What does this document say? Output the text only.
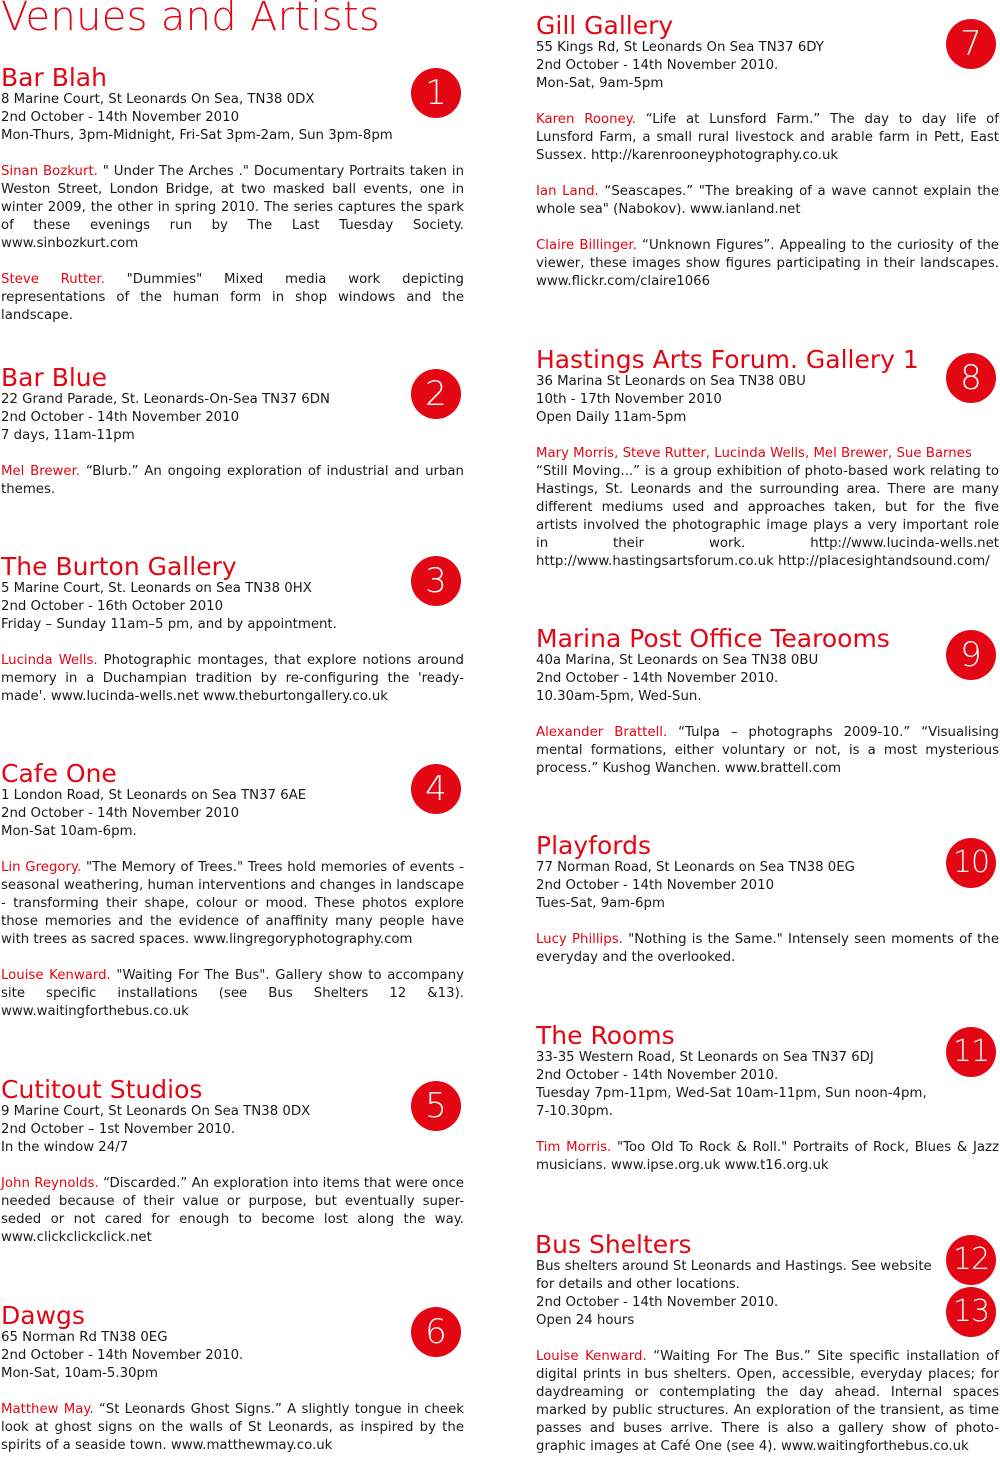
Venues and Artists
Bar Blah
8 Marine Court, St Leonards On Sea, TN38 0DX
2nd October - 14th November 2010
Mon-Thurs, 3pm-Midnight, Fri-Sat 3pm-2am, Sun 3pm-8pm

Sinan Bozkurt. " Under The Arches ." Documentary Portraits taken in Weston Street, London Bridge, at two masked ball events, one in winter 2009, the other in spring 2010. The series captures the spark of these evenings run by The Last Tuesday Society. www.sinbozkurt.com

Steve Rutter. "Dummies" Mixed media work depicting representations of the human form in shop windows and the landscape.

1
Bar Blue
22 Grand Parade, St. Leonards-On-Sea TN37 6DN
2nd October - 14th November 2010
7 days, 11am-11pm

Mel Brewer. “Blurb.” An ongoing exploration of industrial and urban themes.

2
The Burton Gallery
5 Marine Court, St. Leonards on Sea TN38 0HX
2nd October - 16th October 2010
Friday – Sunday 11am–5 pm, and by appointment.

Lucinda Wells. Photographic montages, that explore notions around memory in a Duchampian tradition by re-configuring the 'ready-made'. www.lucinda-wells.net www.theburtongallery.co.uk

3
Cafe One
1 London Road, St Leonards on Sea TN37 6AE
2nd October - 14th November 2010
Mon-Sat 10am-6pm.

Lin Gregory. "The Memory of Trees." Trees hold memories of events - seasonal weathering, human interventions and changes in landscape - transforming their shape, colour or mood. These photos explore those memories and the evidence of anaffinity many people have with trees as sacred spaces. www.lingregoryphotography.com

Louise Kenward. "Waiting For The Bus". Gallery show to accompany site specific installations (see Bus Shelters 12 &13). www.waitingforthebus.co.uk

4
Cutitout Studios
9 Marine Court, St Leonards On Sea TN38 0DX
2nd October – 1st November 2010.
In the window 24/7

John Reynolds. “Discarded.” An exploration into items that were once needed because of their value or purpose, but eventually super-seded or not cared for enough to become lost along the way. www.clickclickclick.net

5
Dawgs
65 Norman Rd TN38 0EG
2nd October - 14th November 2010.
Mon-Sat, 10am-5.30pm

Matthew May. “St Leonards Ghost Signs.” A slightly tongue in cheek look at ghost signs on the walls of St Leonards, as inspired by the spirits of a seaside town. www.matthewmay.co.uk

6
Gill Gallery
55 Kings Rd, St Leonards On Sea TN37 6DY
2nd October - 14th November 2010.
Mon-Sat, 9am-5pm

Karen Rooney. “Life at Lunsford Farm.” The day to day life of Lunsford Farm, a small rural livestock and arable farm in Pett, East Sussex. http://karenrooneyphotography.co.uk

Ian Land. “Seascapes.” "The breaking of a wave cannot explain the whole sea" (Nabokov). www.ianland.net

Claire Billinger. “Unknown Figures”. Appealing to the curiosity of the viewer, these images show figures participating in their landscapes. www.flickr.com/claire1066

7
Hastings Arts Forum. Gallery 1
36 Marina St Leonards on Sea TN38 0BU
10th - 17th November 2010
Open Daily 11am-5pm

Mary Morris, Steve Rutter, Lucinda Wells, Mel Brewer, Sue Barnes
“Still Moving...” is a group exhibition of photo-based work relating to Hastings, St. Leonards and the surrounding area. There are many different mediums used and approaches taken, but for the five artists involved the photographic image plays a very important role in their work. http://www.lucinda-wells.net http://www.hastingsartsforum.co.uk http://placesightandsound.com/

8
Marina Post Office Tearooms
40a Marina, St Leonards on Sea TN38 0BU
2nd October - 14th November 2010.
10.30am-5pm, Wed-Sun.

Alexander Brattell. “Tulpa – photographs 2009-10.” “Visualising mental formations, either voluntary or not, is a most mysterious process.” Kushog Wanchen. www.brattell.com

9
Playfords
77 Norman Road, St Leonards on Sea TN38 0EG
2nd October - 14th November 2010
Tues-Sat, 9am-6pm

Lucy Phillips. "Nothing is the Same." Intensely seen moments of the everyday and the overlooked.

10
The Rooms
33-35 Western Road, St Leonards on Sea TN37 6DJ
2nd October - 14th November 2010.
Tuesday 7pm-11pm, Wed-Sat 10am-11pm, Sun noon-4pm, 7-10.30pm.

Tim Morris. "Too Old To Rock & Roll." Portraits of Rock, Blues & Jazz musicians. www.ipse.org.uk www.t16.org.uk

11
Bus Shelters
Bus shelters around St Leonards and Hastings. See website for details and other locations.
2nd October - 14th November 2010.
Open 24 hours

Louise Kenward. “Waiting For The Bus.” Site specific installation of digital prints in bus shelters. Open, accessible, everyday places; for daydreaming or contemplating the day ahead. Internal spaces marked by public structures. An exploration of the transient, as time passes and buses arrive. There is also a gallery show of photo-graphic images at Café One (see 4). www.waitingforthebus.co.uk

12
13
